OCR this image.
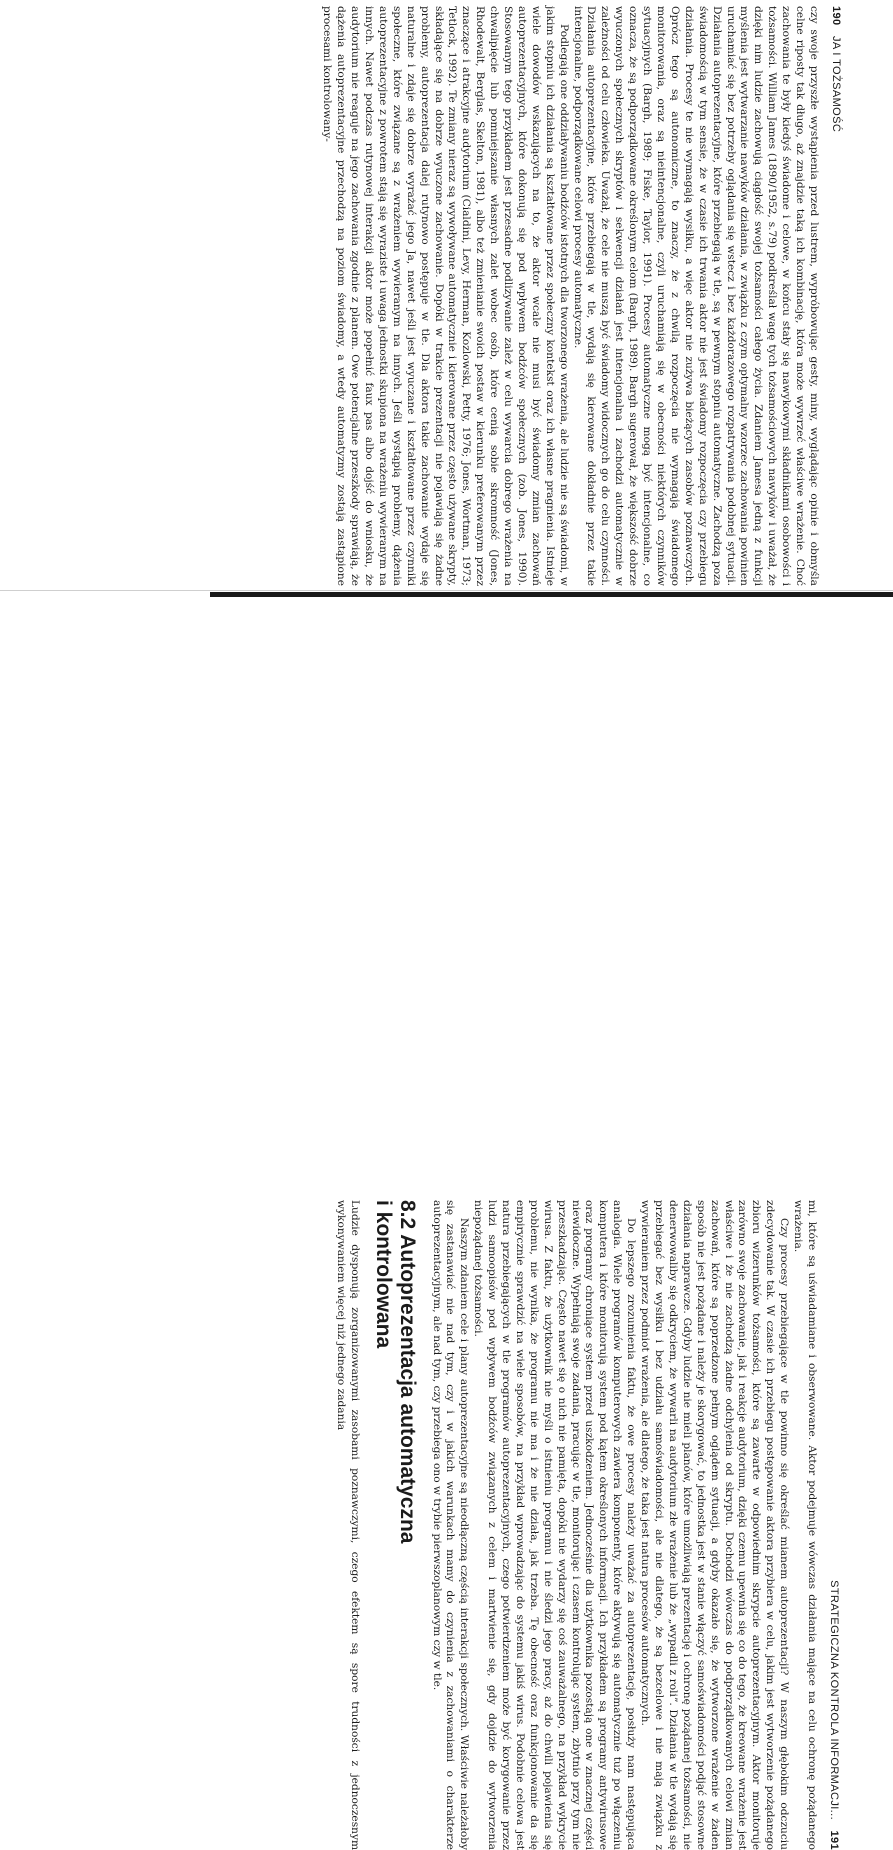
190   JA I TOŻSAMOŚĆ

czy swoje przyszłe wystąpienia przed lustrem, wypróbowując gesty, miny, wyglądając opinie i obmyśla celne riposty tak długo, aż znajdzie taką ich kombinację, która może wywrzeć właściwe wrażenie. Choć zachowania te były kiedyś świadome i celowe, w końcu stały się nawykowymi składnikami osobowości i tożsamości. William James (1890/1952, s.79) podkreślał wagę tych tożsamościowych nawyków i uważał, że dzięki nim ludzie zachowują ciągłość swojej tożsamości całego życia. Zdaniem Jamesa jedną z funkcji myślenia jest wytwarzanie nawyków działania, w związku z czym optymalny wzorzec zachowania powinien uruchamiać się bez potrzeby oglądania się wstecz i bez każdorazowego rozpatrywania podobnej sytuacji. Działania autoprezentacyjne, które przebiegają w tle, są w pewnym stopniu automatyczne. Zachodzą poza świadomością w tym sensie, że w czasie ich trwania aktor nie jest świadomy rozpoczęcia czy przebiegu działania. Procesy te nie wymagają wysiłku, a więc aktor nie zużywa bieżących zasobów poznawczych. Oprócz tego są autonomiczne, to znaczy, że z chwilą rozpoczęcia nie wymagają świadomego monitorowania, oraz są nieintencjonalne, czyli uruchamiają się w obecności niektórych czynników sytuacyjnych (Bargh, 1989; Fiske, Taylor, 1991). Procesy automatyczne mogą być intencjonalne, co oznacza, że są podporządkowane określonym celom (Bargh, 1989). Bargh sugerował, że większość dobrze wyuczonych społecznych skryptów i sekwencji działań jest intencjonalna i zachodzi automatycznie w zależności od celu człowieka. Uważał, że cele nie muszą być świadomy widocznych go do celu czynności. Działania autoprezentacyjne, które przebiegają w tle, wydają się kierowane dokładnie przez takie intencjonalne, podporządkowane celowi procesy automatyczne.

Podlegają one oddziaływaniu bodźców istotnych dla tworzonego wrażenia, ale ludzie nie są świadomi, w jakim stopniu ich działania są kształtowane przez społeczny kontekst oraz ich własne pragnienia. Istnieje wiele dowodów wskazujących na to, że aktor wcale nie musi być świadomy zmian zachowań autoprezentacyjnych, które dokonują się pod wpływem bodźców społecznych (zob. Jones, 1990). Stosowanym tego przykładem jest przesadne podlizywanie zależ w celu wywarcia dobrego wrażenia na chwalipięcie lub pomniejszanie własnych zalet wobec osób, które cenią sobie skromność (Jones, Rhodewalt, Berglas, Skelton, 1981), albo też zmienianie swoich postaw w kierunku preferowanym przez znaczące i atrakcyjne audytorium (Cialdini, Levy, Herman, Kozlowski, Petty, 1976; Jones, Wortman, 1973; Tetlock, 1992). Te zmiany nieraz są wywoływane automatycznie i kierowane przez często używane skrypty, składające się na dobrze wyuczone zachowanie. Dopóki w trakcie prezentacji nie pojawiają się żadne problemy, autoprezentacja dalej rutynowo postępuje w tle. Dla aktora takie zachowanie wydaje się naturalne i zdaje się dobrze wyrażać jego Ja, nawet jeśli jest wyuczane i kształtowane przez czynniki społeczne, które związane są z wrażeniem wywieranym na innych. Jeśli wystąpią problemy, dążenia autoprezentacyjne z powrotem stają się wyraziste i uwaga jednostki skupiona na wrażeniu wywieranym na innych. Nawet podczas rutynowej interakcji aktor może popełnić faux pas albo dojść do wniosku, że audytorium nie reaguje na jego zachowania zgodnie z planem. Owe potencjalne przeszkody sprawiają, że dążenia autoprezentacyjne przechodzą na poziom świadomy, a wtedy automatyzmy zostają zastąpione procesami kontrolowany-

STRATEGICZNA KONTROLA INFORMACJI...   191

mi, które są uświadamiane i obserwowane. Aktor podejmuje wówczas działania mające na celu ochronę pożądanego wrażenia.

Czy procesy przebiegające w tle powinno się określać mianem autoprezentacji? W naszym głębokim odczuciu zdecydowanie tak. W czasie ich przebiegu postępowanie aktora przybiera w celu, jakim jest wytworzenie pożądanego zbioru wizerunków tożsamości, które są zawarte w odpowiednim skrypcie autoprezentacyjnym. Aktor monitoruje zarówno swoje zachowanie, jak i reakcje audytorium, dzięki czemu upewnia się co do tego, że kreowane wrażenie jest właściwe i że nie zachodzą żadne odchylenia od skryptu. Dochodzi wówczas do podporządkowanych celowi zmian zachowań, które są poprzedzone pełnym oglądem sytuacji, a gdyby okazało się, że wytworzone wrażenie w żaden sposób nie jest pożądane i należy je skorygować, to jednostka jest w stanie włączyć samoświadomości podjąć stosowne działania naprawcze. Gdyby ludzie nie mieli planów, które umożliwiają prezentację i ochronę pożądanej tożsamości, nie denerwowaliby się odkryciem, że wywarli na audytorium złe wrażenie lub że „wypadli z roli”. Działania w tle wydają się przebiegać bez wysiłku i bez udziału samoświadomości, ale nie dlatego, że są bezcelowe i nie mają związku z wywieraniem przez podmiot wrażenia, ale dlatego, że taka jest natura procesów automatycznych.

Do lepszego zrozumienia faktu, że owe procesy należy uważać za autoprezentację, posłuży nam następująca analogia. Wiele programów komputerowych zawiera komponenty, które aktywują się automatycznie tuż po włączeniu komputera i które monitorują system pod kątem określonych informacji. Ich przykładem są programy antywirusowe oraz programy chroniące system przed uszkodzeniem. Jednocześnie dla użytkownika pozostają one w znacznej części niewidoczne. Wypełniają swoje zadania, pracując w tle, monitorując i czasem kontrolując system, zbytnio przy tym nie przeszkadzając. Często nawet się o nich nie pamięta, dopóki nie wydarzy się coś zauważalnego, na przykład wykrycie wirusa. Z faktu, że użytkownik nie myśli o istnieniu programu i nie śledzi jego pracy, aż do chwili pojawienia się problemu, nie wynika, że programu nie ma i że nie działa, jak trzeba. Tę obecność oraz funkcjonowanie da się empirycznie sprawdzić na wiele sposobów, na przykład wprowadzając do systemu jakiś wirus. Podobnie celowa jest natura przebiegających w tle programów autoprezentacyjnych, czego potwierdzeniem może być korygowanie przez ludzi samoopisów pod wpływem bodźców związanych z celem i martwienie się, gdy dojdzie do wytworzenia niepożądanej tożsamości.

Naszym zdaniem cele i plany autoprezentacyjne są nieodłączną częścią interakcji społecznych. Właściwie należałoby się zastanawiać nie nad tym, czy i w jakich warunkach mamy do czynienia z zachowaniami o charakterze autoprezentacyjnym, ale nad tym, czy przebiega ono w trybie pierwszoplanowym czy w tle.

8.2 Autoprezentacja automatyczna
i kontrolowana

Ludzie dysponują zorganizowanymi zasobami poznawczymi, czego efektem są spore trudności z jednoczesnym wykonywaniem więcej niż jednego zadania
